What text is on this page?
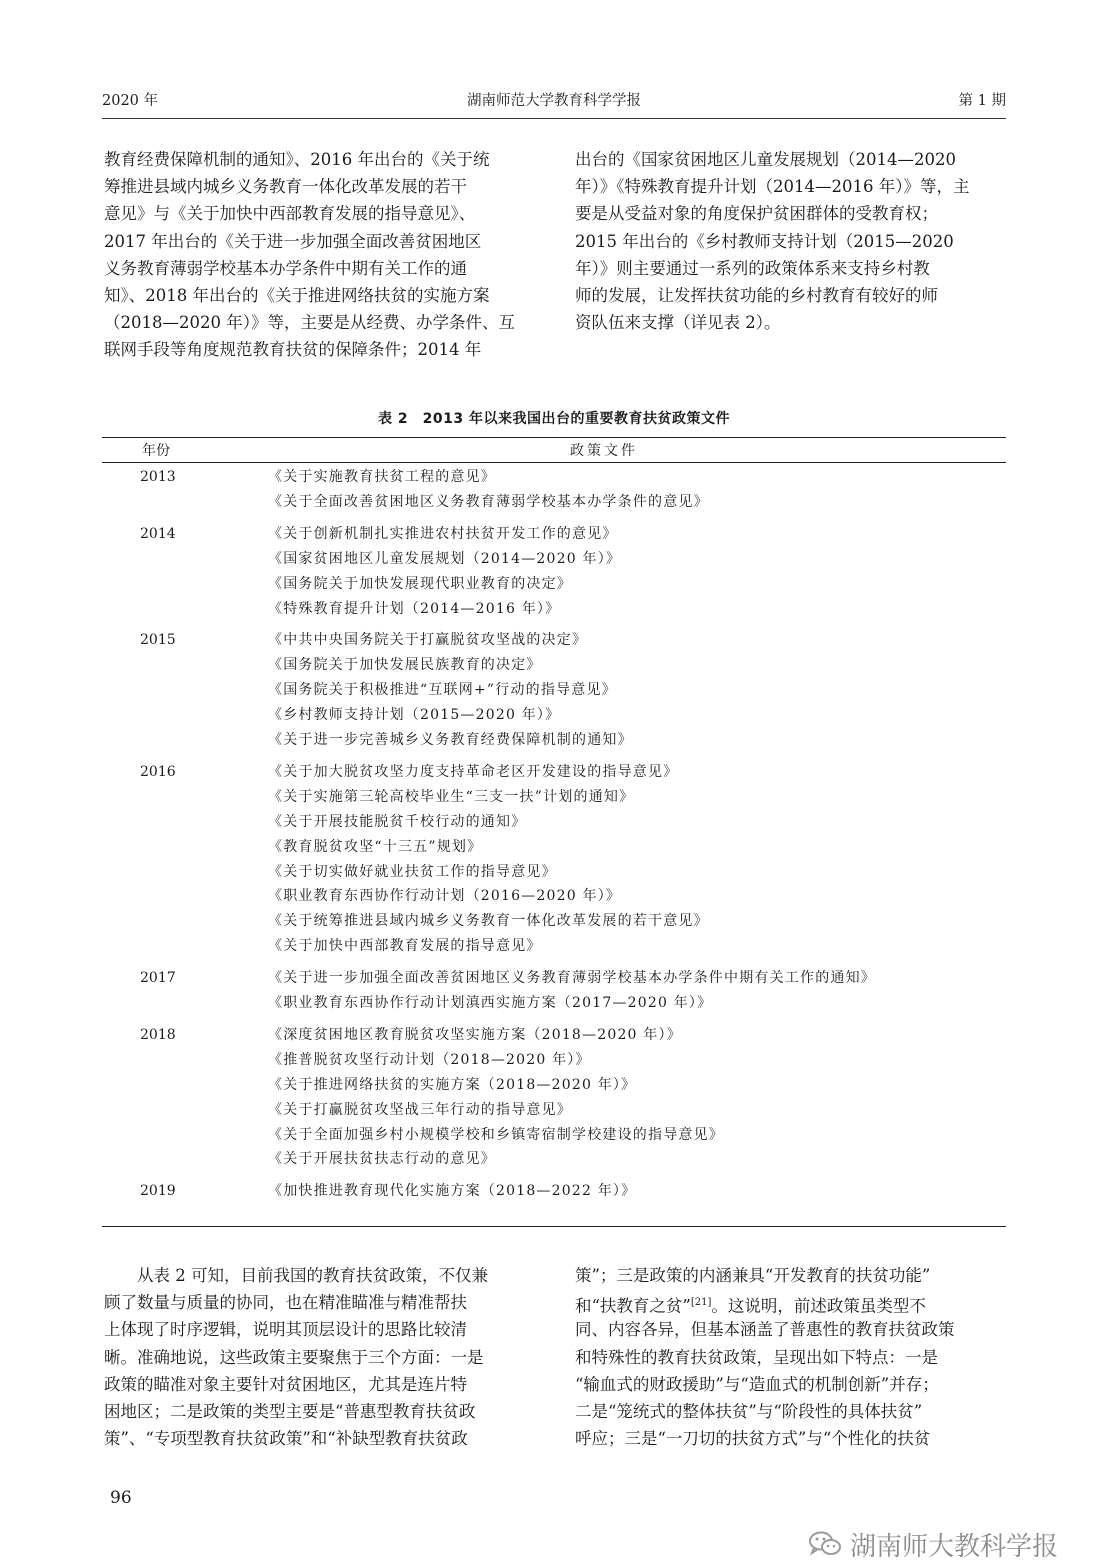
2020 年	湖南师范大学教育科学学报	第 1 期
教育经费保障机制的通知》、2016 年出台的《关于统
筹推进县域内城乡义务教育一体化改革发展的若干
意见》与《关于加快中西部教育发展的指导意见》、
2017 年出台的《关于进一步加强全面改善贫困地区
义务教育薄弱学校基本办学条件中期有关工作的通
知》、2018 年出台的《关于推进网络扶贫的实施方案
（2018—2020 年）》等，主要是从经费、办学条件、互
联网手段等角度规范教育扶贫的保障条件；2014 年
出台的《国家贫困地区儿童发展规划（2014—2020
年）》《特殊教育提升计划（2014—2016 年）》等，主
要是从受益对象的角度保护贫困群体的受教育权；
2015 年出台的《乡村教师支持计划（2015—2020
年）》则主要通过一系列的政策体系来支持乡村教
师的发展，让发挥扶贫功能的乡村教育有较好的师
资队伍来支撑（详见表 2）。
表 2　2013 年以来我国出台的重要教育扶贫政策文件
年份	政策文件
2013	《关于实施教育扶贫工程的意见》
《关于全面改善贫困地区义务教育薄弱学校基本办学条件的意见》
2014	《关于创新机制扎实推进农村扶贫开发工作的意见》
《国家贫困地区儿童发展规划（2014—2020 年）》
《国务院关于加快发展现代职业教育的决定》
《特殊教育提升计划（2014—2016 年）》
2015	《中共中央国务院关于打赢脱贫攻坚战的决定》
《国务院关于加快发展民族教育的决定》
《国务院关于积极推进“互联网+”行动的指导意见》
《乡村教师支持计划（2015—2020 年）》
《关于进一步完善城乡义务教育经费保障机制的通知》
2016	《关于加大脱贫攻坚力度支持革命老区开发建设的指导意见》
《关于实施第三轮高校毕业生“三支一扶”计划的通知》
《关于开展技能脱贫千校行动的通知》
《教育脱贫攻坚“十三五”规划》
《关于切实做好就业扶贫工作的指导意见》
《职业教育东西协作行动计划（2016—2020 年）》
《关于统筹推进县域内城乡义务教育一体化改革发展的若干意见》
《关于加快中西部教育发展的指导意见》
2017	《关于进一步加强全面改善贫困地区义务教育薄弱学校基本办学条件中期有关工作的通知》
《职业教育东西协作行动计划滇西实施方案（2017—2020 年）》
2018	《深度贫困地区教育脱贫攻坚实施方案（2018—2020 年）》
《推普脱贫攻坚行动计划（2018—2020 年）》
《关于推进网络扶贫的实施方案（2018—2020 年）》
《关于打赢脱贫攻坚战三年行动的指导意见》
《关于全面加强乡村小规模学校和乡镇寄宿制学校建设的指导意见》
《关于开展扶贫扶志行动的意见》
2019	《加快推进教育现代化实施方案（2018—2022 年）》
　　从表 2 可知，目前我国的教育扶贫政策，不仅兼
顾了数量与质量的协同，也在精准瞄准与精准帮扶
上体现了时序逻辑，说明其顶层设计的思路比较清
晰。准确地说，这些政策主要聚焦于三个方面：一是
政策的瞄准对象主要针对贫困地区，尤其是连片特
困地区；二是政策的类型主要是“普惠型教育扶贫政
策”、“专项型教育扶贫政策”和“补缺型教育扶贫政
策”；三是政策的内涵兼具“开发教育的扶贫功能”
和“扶教育之贫”[21]。这说明，前述政策虽类型不
同、内容各异，但基本涵盖了普惠性的教育扶贫政策
和特殊性的教育扶贫政策，呈现出如下特点：一是
“输血式的财政援助”与“造血式的机制创新”并存；
二是“笼统式的整体扶贫”与“阶段性的具体扶贫”
呼应；三是“一刀切的扶贫方式”与“个性化的扶贫
96
湖南师大教科学报
